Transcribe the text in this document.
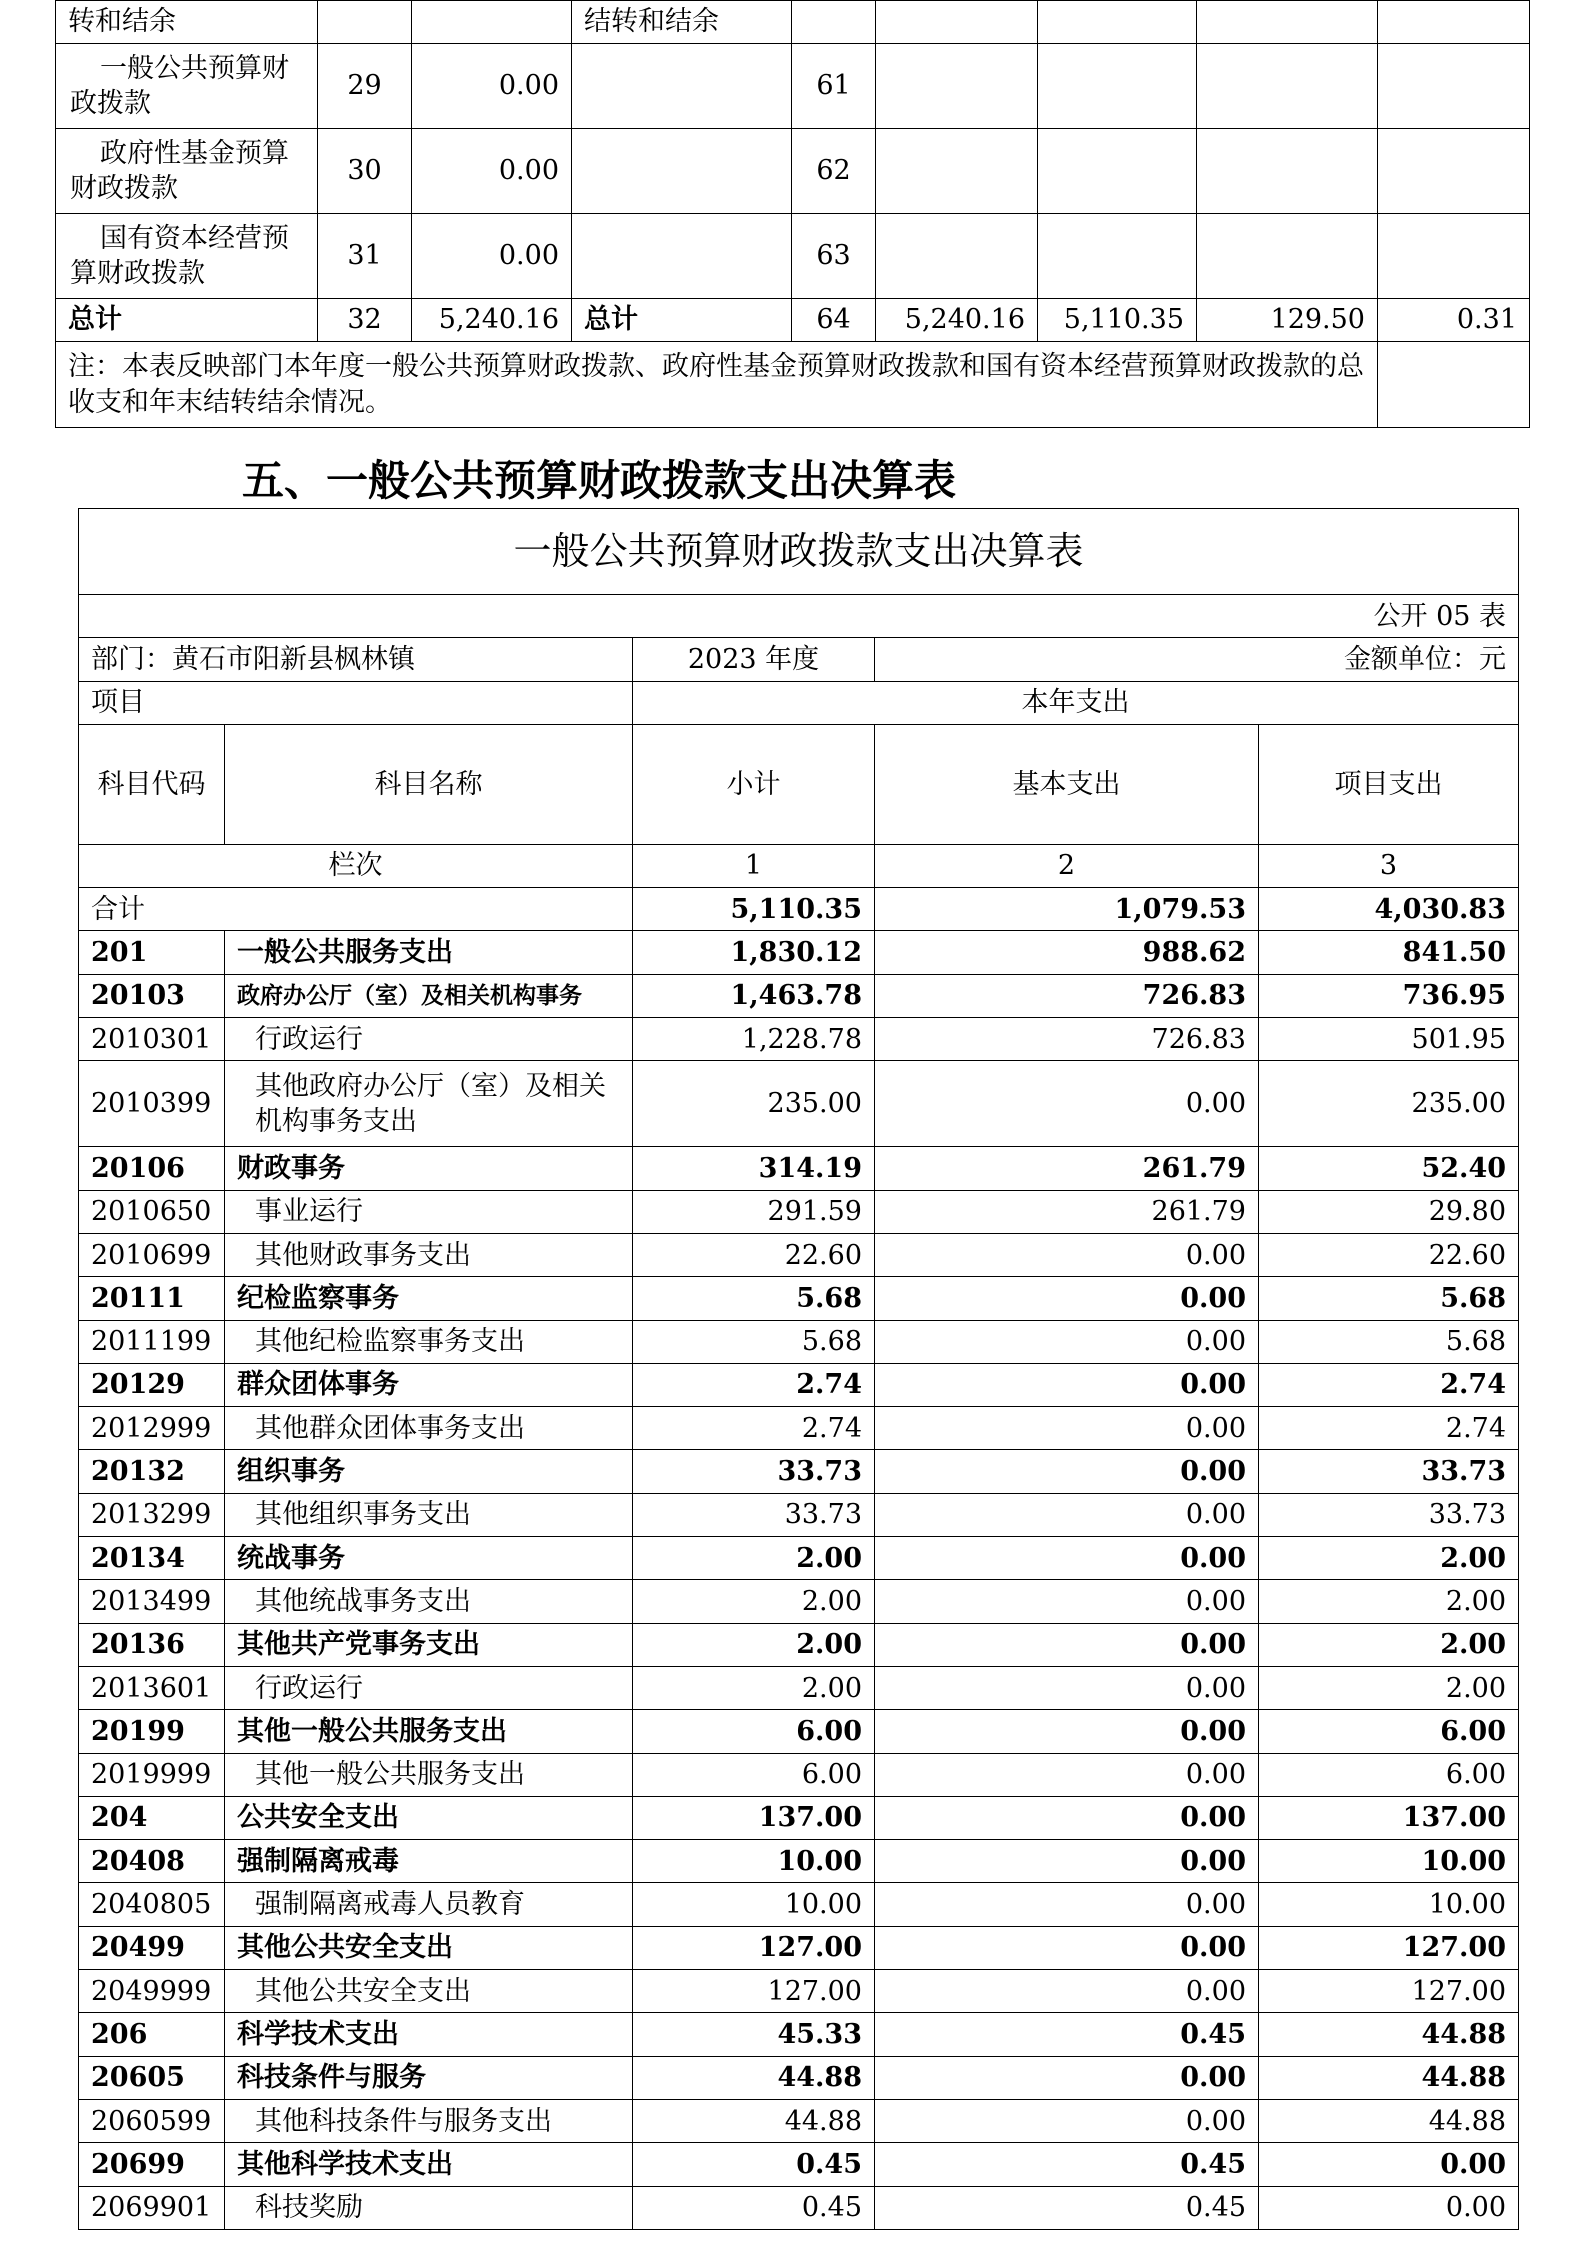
转和结余			结转和结余					
一般公共预算财政拨款	29	0.00		61				
政府性基金预算财政拨款	30	0.00		62				
国有资本经营预算财政拨款	31	0.00		63				
总计	32	5,240.16	总计	64	5,240.16	5,110.35	129.50	0.31
注：本表反映部门本年度一般公共预算财政拨款、政府性基金预算财政拨款和国有资本经营预算财政拨款的总收支和年末结转结余情况。								
五、一般公共预算财政拨款支出决算表
一般公共预算财政拨款支出决算表				
公开 05 表				
部门：黄石市阳新县枫林镇		2023 年度	金额单位：元	
项目		本年支出		
科目代码	科目名称	小计	基本支出	项目支出
栏次		1	2	3
合计		5,110.35	1,079.53	4,030.83
201	一般公共服务支出	1,830.12	988.62	841.50
20103	政府办公厅（室）及相关机构事务	1,463.78	726.83	736.95
2010301	行政运行	1,228.78	726.83	501.95
2010399	其他政府办公厅（室）及相关机构事务支出	235.00	0.00	235.00
20106	财政事务	314.19	261.79	52.40
2010650	事业运行	291.59	261.79	29.80
2010699	其他财政事务支出	22.60	0.00	22.60
20111	纪检监察事务	5.68	0.00	5.68
2011199	其他纪检监察事务支出	5.68	0.00	5.68
20129	群众团体事务	2.74	0.00	2.74
2012999	其他群众团体事务支出	2.74	0.00	2.74
20132	组织事务	33.73	0.00	33.73
2013299	其他组织事务支出	33.73	0.00	33.73
20134	统战事务	2.00	0.00	2.00
2013499	其他统战事务支出	2.00	0.00	2.00
20136	其他共产党事务支出	2.00	0.00	2.00
2013601	行政运行	2.00	0.00	2.00
20199	其他一般公共服务支出	6.00	0.00	6.00
2019999	其他一般公共服务支出	6.00	0.00	6.00
204	公共安全支出	137.00	0.00	137.00
20408	强制隔离戒毒	10.00	0.00	10.00
2040805	强制隔离戒毒人员教育	10.00	0.00	10.00
20499	其他公共安全支出	127.00	0.00	127.00
2049999	其他公共安全支出	127.00	0.00	127.00
206	科学技术支出	45.33	0.45	44.88
20605	科技条件与服务	44.88	0.00	44.88
2060599	其他科技条件与服务支出	44.88	0.00	44.88
20699	其他科学技术支出	0.45	0.45	0.00
2069901	科技奖励	0.45	0.45	0.00
